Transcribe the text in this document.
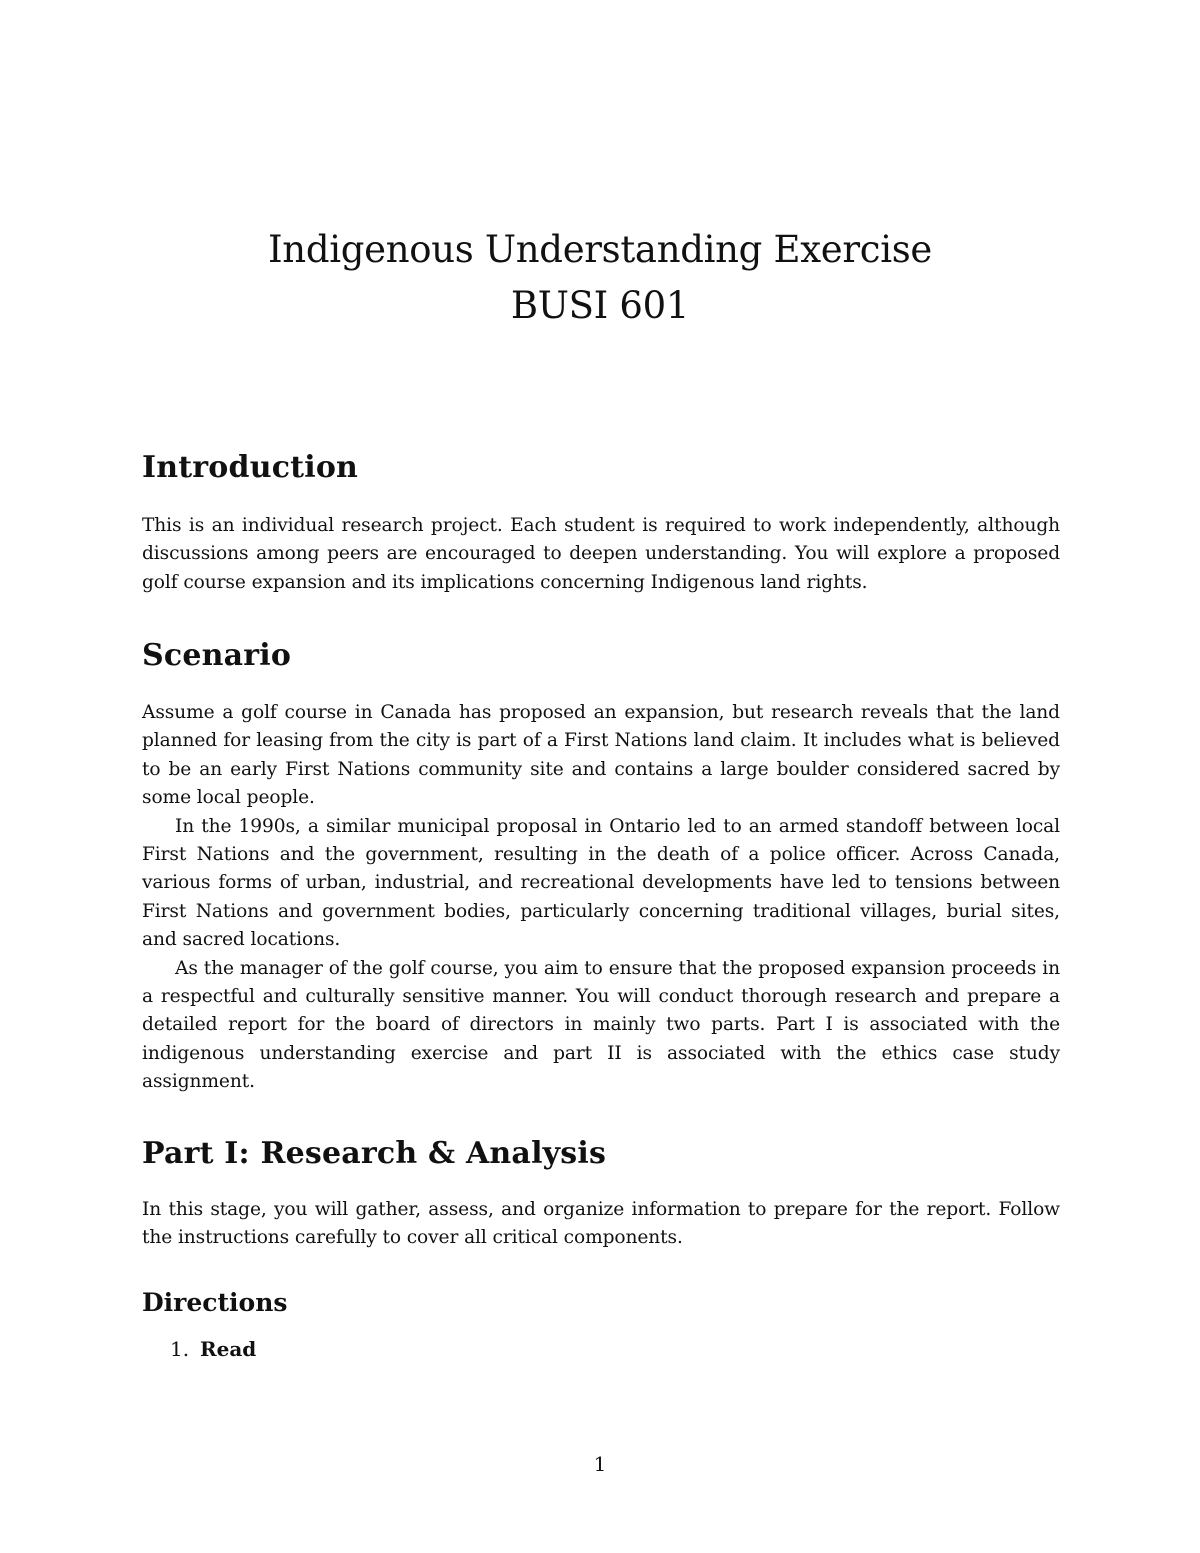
Indigenous Understanding Exercise
BUSI 601
Introduction

This is an individual research project. Each student is required to work independently, although discussions among peers are encouraged to deepen understanding. You will explore a proposed golf course expansion and its implications concerning Indigenous land rights.

Scenario

Assume a golf course in Canada has proposed an expansion, but research reveals that the land planned for leasing from the city is part of a First Nations land claim. It includes what is believed to be an early First Nations community site and contains a large boulder considered sacred by some local people.

In the 1990s, a similar municipal proposal in Ontario led to an armed standoff between local First Nations and the government, resulting in the death of a police officer. Across Canada, various forms of urban, industrial, and recreational developments have led to tensions between First Nations and government bodies, particularly concerning traditional villages, burial sites, and sacred locations.

As the manager of the golf course, you aim to ensure that the proposed expansion proceeds in a respectful and culturally sensitive manner. You will conduct thorough research and prepare a detailed report for the board of directors in mainly two parts. Part I is associated with the indigenous understanding exercise and part II is associated with the ethics case study assignment.

Part I: Research & Analysis

In this stage, you will gather, assess, and organize information to prepare for the report. Follow the instructions carefully to cover all critical components.

Directions
1. Read
1
